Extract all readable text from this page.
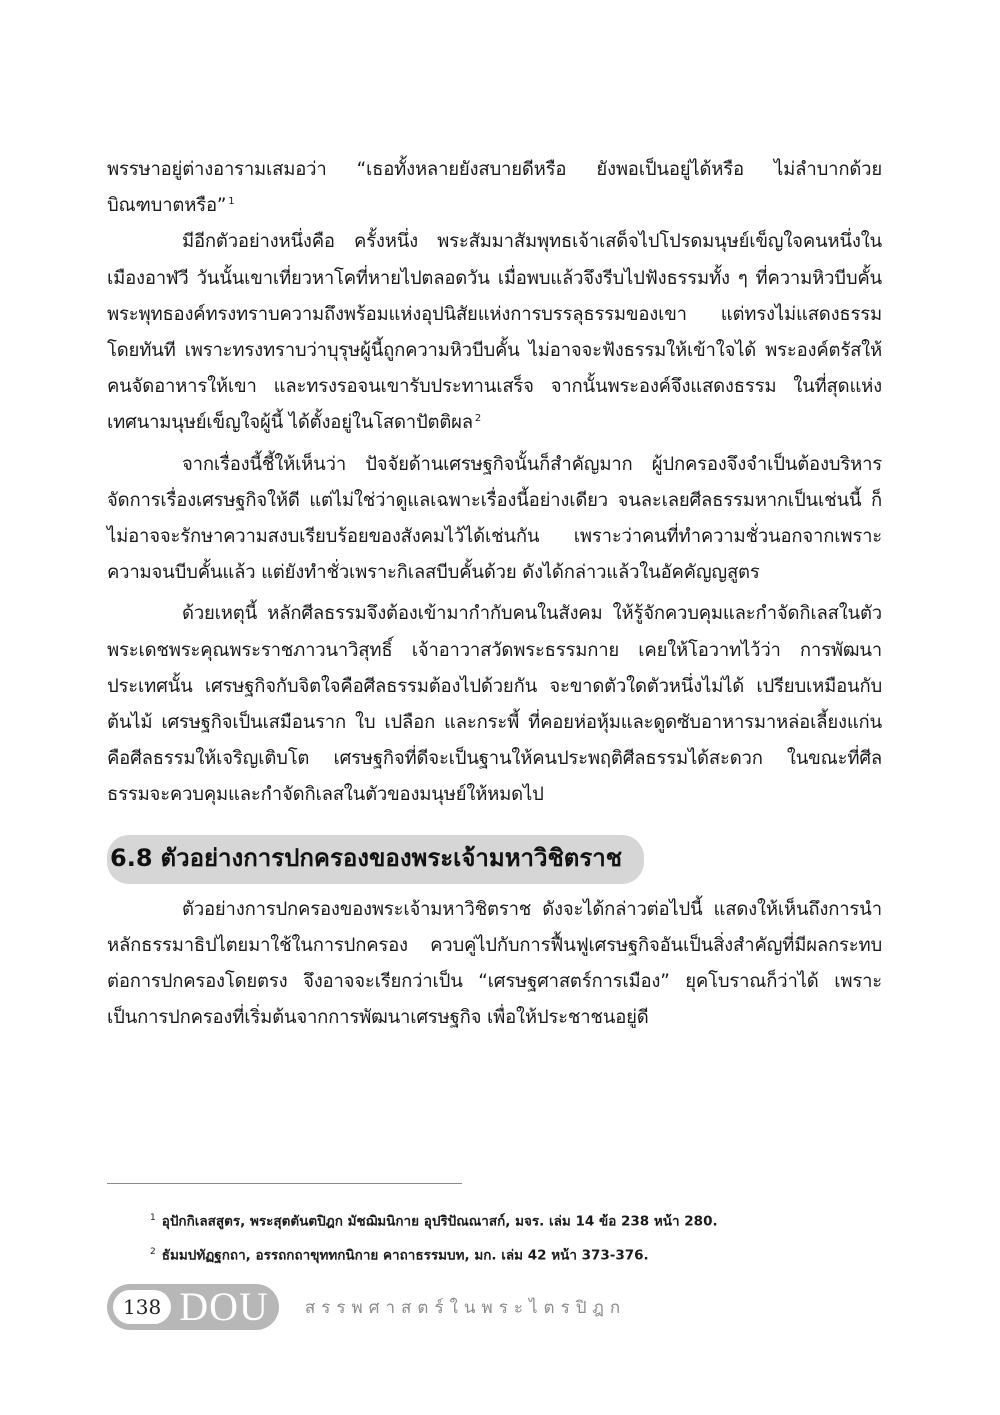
พรรษาอยู่ต่างอารามเสมอว่า “เธอทั้งหลายยังสบายดีหรือ ยังพอเป็นอยู่ได้หรือ ไม่ลำบากด้วยบิณฑบาตหรือ” $^1$

มีอีกตัวอย่างหนึ่งคือ ครั้งหนึ่ง พระสัมมาสัมพุทธเจ้าเสด็จไปโปรดมนุษย์เข็ญใจคนหนึ่งในเมืองอาฬวี วันนั้นเขาเที่ยวหาโคที่หายไปตลอดวัน เมื่อพบแล้วจึงรีบไปฟังธรรมทั้ง ๆ ที่ความหิวบีบคั้น พระพุทธองค์ทรงทราบความถึงพร้อมแห่งอุปนิสัยแห่งการบรรลุธรรมของเขา แต่ทรงไม่แสดงธรรมโดยทันที เพราะทรงทราบว่าบุรุษผู้นี้ถูกความหิวบีบคั้น ไม่อาจจะฟังธรรมให้เข้าใจได้ พระองค์ตรัสให้คนจัดอาหารให้เขา และทรงรอจนเขารับประทานเสร็จ จากนั้นพระองค์จึงแสดงธรรม ในที่สุดแห่งเทศนามนุษย์เข็ญใจผู้นี้ ได้ตั้งอยู่ในโสดาปัตติผล $^2$

จากเรื่องนี้ชี้ให้เห็นว่า ปัจจัยด้านเศรษฐกิจนั้นก็สำคัญมาก ผู้ปกครองจึงจำเป็นต้องบริหารจัดการเรื่องเศรษฐกิจให้ดี แต่ไม่ใช่ว่าดูแลเฉพาะเรื่องนี้อย่างเดียว จนละเลยศีลธรรมหากเป็นเช่นนี้ ก็ไม่อาจจะรักษาความสงบเรียบร้อยของสังคมไว้ได้เช่นกัน เพราะว่าคนที่ทำความชั่วนอกจากเพราะความจนบีบคั้นแล้ว แต่ยังทำชั่วเพราะกิเลสบีบคั้นด้วย ดังได้กล่าวแล้วในอัคคัญญสูตร

ด้วยเหตุนี้ หลักศีลธรรมจึงต้องเข้ามากำกับคนในสังคม ให้รู้จักควบคุมและกำจัดกิเลสในตัว พระเดชพระคุณพระราชภาวนาวิสุทธิ์ เจ้าอาวาสวัดพระธรรมกาย เคยให้โอวาทไว้ว่า การพัฒนาประเทศนั้น เศรษฐกิจกับจิตใจคือศีลธรรมต้องไปด้วยกัน จะขาดตัวใดตัวหนึ่งไม่ได้ เปรียบเหมือนกับต้นไม้ เศรษฐกิจเป็นเสมือนราก ใบ เปลือก และกระพี้ ที่คอยห่อหุ้มและดูดซับอาหารมาหล่อเลี้ยงแก่น คือศีลธรรมให้เจริญเติบโต เศรษฐกิจที่ดีจะเป็นฐานให้คนประพฤติศีลธรรมได้สะดวก ในขณะที่ศีลธรรมจะควบคุมและกำจัดกิเลสในตัวของมนุษย์ให้หมดไป

6.8 ตัวอย่างการปกครองของพระเจ้ามหาวิชิตราช

ตัวอย่างการปกครองของพระเจ้ามหาวิชิตราช ดังจะได้กล่าวต่อไปนี้ แสดงให้เห็นถึงการนำหลักธรรมาธิปไตยมาใช้ในการปกครอง ควบคู่ไปกับการฟื้นฟูเศรษฐกิจอันเป็นสิ่งสำคัญที่มีผลกระทบต่อการปกครองโดยตรง จึงอาจจะเรียกว่าเป็น “เศรษฐศาสตร์การเมือง” ยุคโบราณก็ว่าได้ เพราะเป็นการปกครองที่เริ่มต้นจากการพัฒนาเศรษฐกิจ เพื่อให้ประชาชนอยู่ดี

$^1$ อุปักกิเลสสูตร, พระสุตตันตปิฎก มัชฌิมนิกาย อุปริปัณณาสก์, มจร. เล่ม 14 ข้อ 238 หน้า 280.
$^2$ ธัมมปทัฏฐกถา, อรรถกถาขุททกนิกาย คาถาธรรมบท, มก. เล่ม 42 หน้า 373-376.
138 DOU สรรพศาสตร์ในพระไตรปิฎก
